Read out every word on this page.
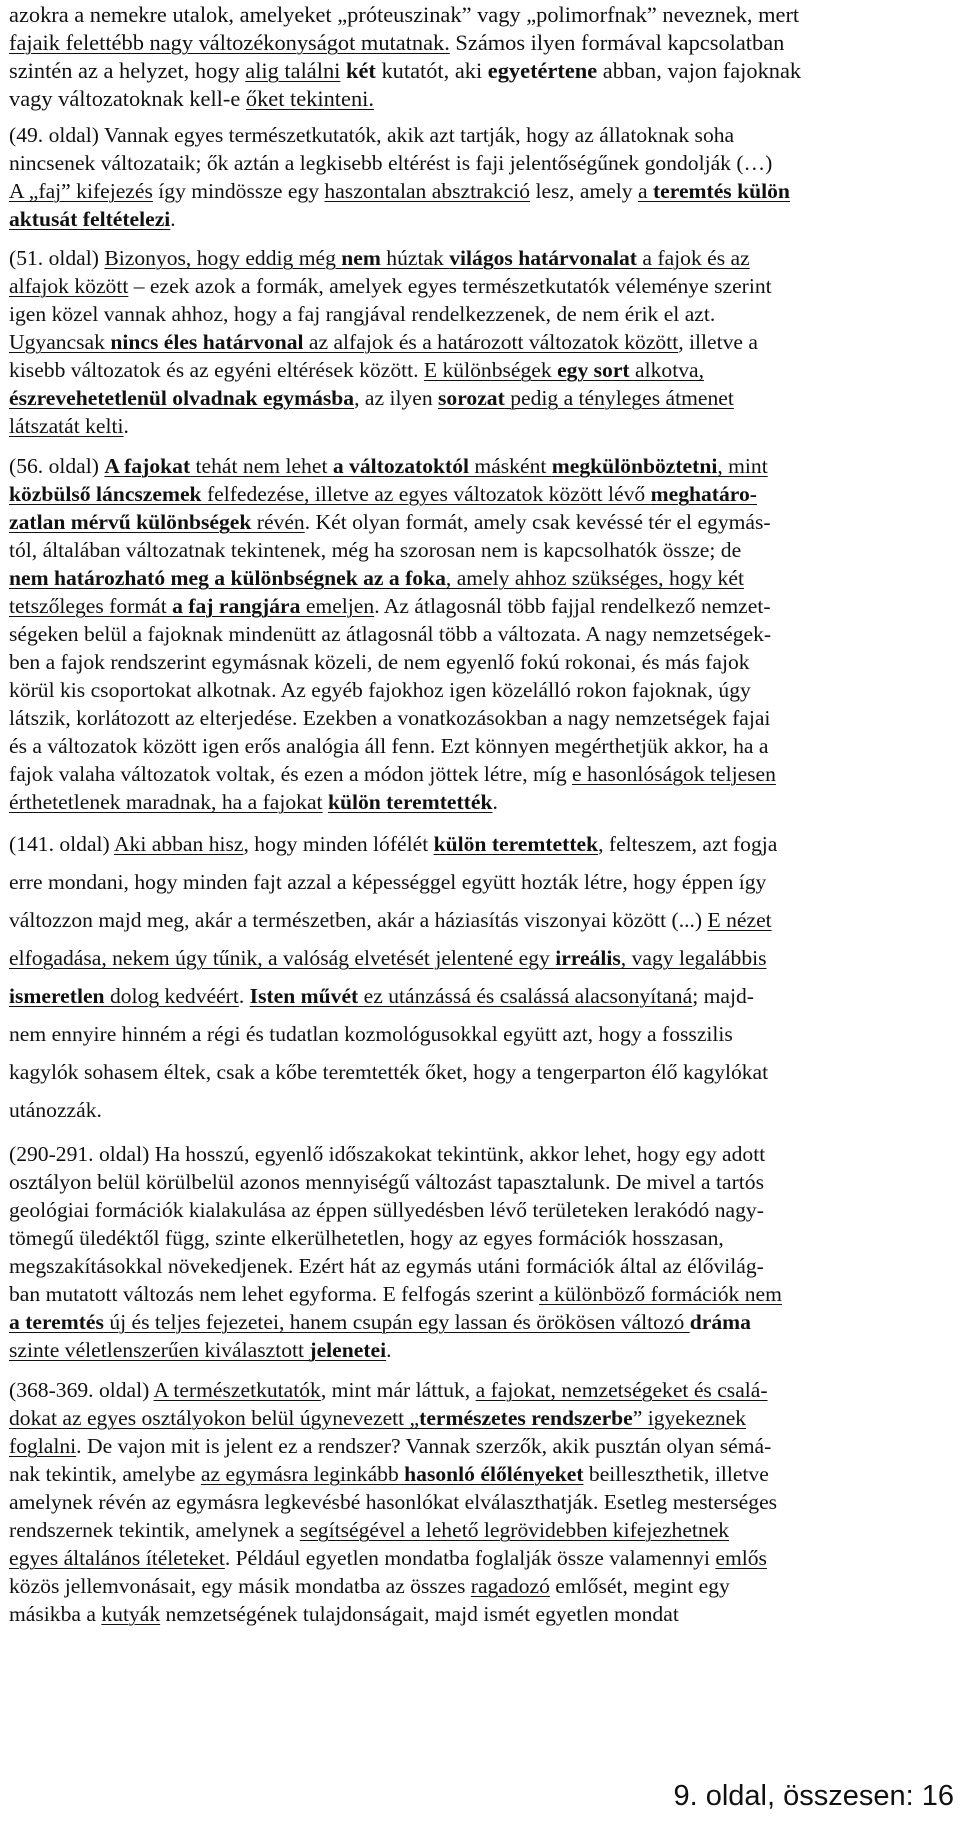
azokra a nemekre utalok, amelyeket „próteuszinak” vagy „polimorfnak” neveznek, mert
fajaik felettébb nagy változékonyságot mutatnak. Számos ilyen formával kapcsolatban
szintén az a helyzet, hogy alig találni két kutatót, aki egyetértene abban, vajon fajoknak
vagy változatoknak kell-e őket tekinteni.
(49. oldal) Vannak egyes természetkutatók, akik azt tartják, hogy az állatoknak soha
nincsenek változataik; ők aztán a legkisebb eltérést is faji jelentőségűnek gondolják (…)
A „faj” kifejezés így mindössze egy haszontalan absztrakció lesz, amely a teremtés külön
aktusát feltételezi.
(51. oldal) Bizonyos, hogy eddig még nem húztak világos határvonalat a fajok és az
alfajok között – ezek azok a formák, amelyek egyes természetkutatók véleménye szerint
igen közel vannak ahhoz, hogy a faj rangjával rendelkezzenek, de nem érik el azt.
Ugyancsak nincs éles határvonal az alfajok és a határozott változatok között, illetve a
kisebb változatok és az egyéni eltérések között. E különbségek egy sort alkotva,
észrevehetetlenül olvadnak egymásba, az ilyen sorozat pedig a tényleges átmenet
látszatát kelti.
(56. oldal) A fajokat tehát nem lehet a változatoktól másként megkülönböztetni, mint
közbülső láncszemek felfedezése, illetve az egyes változatok között lévő meghatáro-
zatlan mérvű különbségek révén. Két olyan formát, amely csak kevéssé tér el egymás-
tól, általában változatnak tekintenek, még ha szorosan nem is kapcsolhatók össze; de
nem határozható meg a különbségnek az a foka, amely ahhoz szükséges, hogy két
tetszőleges formát a faj rangjára emeljen. Az átlagosnál több fajjal rendelkező nemzet-
ségeken belül a fajoknak mindenütt az átlagosnál több a változata. A nagy nemzetségek-
ben a fajok rendszerint egymásnak közeli, de nem egyenlő fokú rokonai, és más fajok
körül kis csoportokat alkotnak. Az egyéb fajokhoz igen közelálló rokon fajoknak, úgy
látszik, korlátozott az elterjedése. Ezekben a vonatkozásokban a nagy nemzetségek fajai
és a változatok között igen erős analógia áll fenn. Ezt könnyen megérthetjük akkor, ha a
fajok valaha változatok voltak, és ezen a módon jöttek létre, míg e hasonlóságok teljesen
érthetetlenek maradnak, ha a fajokat külön teremtették.
(141. oldal) Aki abban hisz, hogy minden lófélét külön teremtettek, felteszem, azt fogja
erre mondani, hogy minden fajt azzal a képességgel együtt hozták létre, hogy éppen így
változzon majd meg, akár a természetben, akár a háziasítás viszonyai között (...) E nézet
elfogadása, nekem úgy tűnik, a valóság elvetését jelentené egy irreális, vagy legalábbis
ismeretlen dolog kedvéért. Isten művét ez utánzássá és csalássá alacsonyítaná; majd-
nem ennyire hinném a régi és tudatlan kozmológusokkal együtt azt, hogy a fosszilis
kagylók sohasem éltek, csak a kőbe teremtették őket, hogy a tengerparton élő kagylókat
utánozzák.
(290-291. oldal) Ha hosszú, egyenlő időszakokat tekintünk, akkor lehet, hogy egy adott
osztályon belül körülbelül azonos mennyiségű változást tapasztalunk. De mivel a tartós
geológiai formációk kialakulása az éppen süllyedésben lévő területeken lerakódó nagy-
tömegű üledéktől függ, szinte elkerülhetetlen, hogy az egyes formációk hosszasan,
megszakításokkal növekedjenek. Ezért hát az egymás utáni formációk által az élővilág-
ban mutatott változás nem lehet egyforma. E felfogás szerint a különböző formációk nem
a teremtés új és teljes fejezetei, hanem csupán egy lassan és örökösen változó dráma
szinte véletlenszerűen kiválasztott jelenetei.
(368-369. oldal) A természetkutatók, mint már láttuk, a fajokat, nemzetségeket és csalá-
dokat az egyes osztályokon belül úgynevezett „természetes rendszerbe” igyekeznek
foglalni. De vajon mit is jelent ez a rendszer? Vannak szerzők, akik pusztán olyan sémá-
nak tekintik, amelybe az egymásra leginkább hasonló élőlényeket beilleszthetik, illetve
amelynek révén az egymásra legkevésbé hasonlókat elválaszthatják. Esetleg mesterséges
rendszernek tekintik, amelynek a segítségével a lehető legrövidebben kifejezhetnek
egyes általános ítéleteket. Például egyetlen mondatba foglalják össze valamennyi emlős
közös jellemvonásait, egy másik mondatba az összes ragadozó emlősét, megint egy
másikba a kutyák nemzetségének tulajdonságait, majd ismét egyetlen mondat
9. oldal, összesen: 16
